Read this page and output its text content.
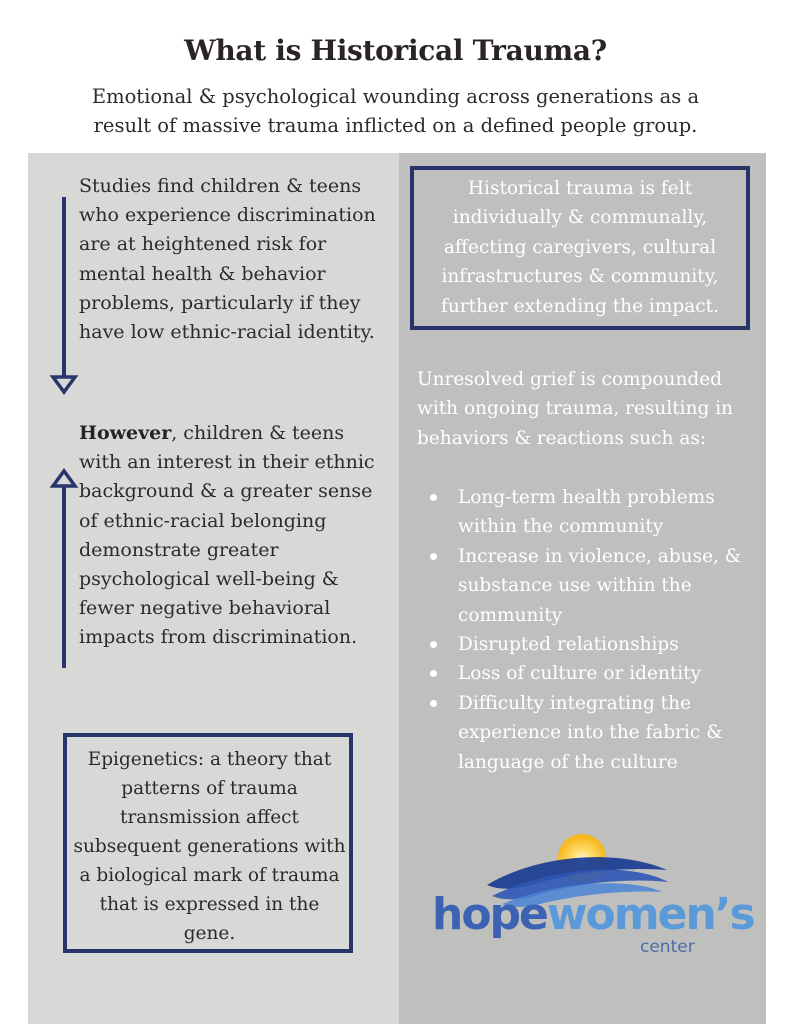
What is Historical Trauma?
Emotional & psychological wounding across generations as a
result of massive trauma inflicted on a defined people group.
Studies find children & teens who experience discrimination are at heightened risk for mental health & behavior problems, particularly if they have low ethnic-racial identity.
However, children & teens with an interest in their ethnic background & a greater sense of ethnic-racial belonging demonstrate greater psychological well-being & fewer negative behavioral impacts from discrimination.
Epigenetics: a theory that patterns of trauma transmission affect subsequent generations with a biological mark of trauma that is expressed in the gene.
Historical trauma is felt individually & communally, affecting caregivers, cultural infrastructures & community, further extending the impact.
Unresolved grief is compounded with ongoing trauma, resulting in behaviors & reactions such as:
Long-term health problems within the community
Increase in violence, abuse, & substance use within the community
Disrupted relationships
Loss of culture or identity
Difficulty integrating the experience into the fabric & language of the culture
hopewomen’s
center
